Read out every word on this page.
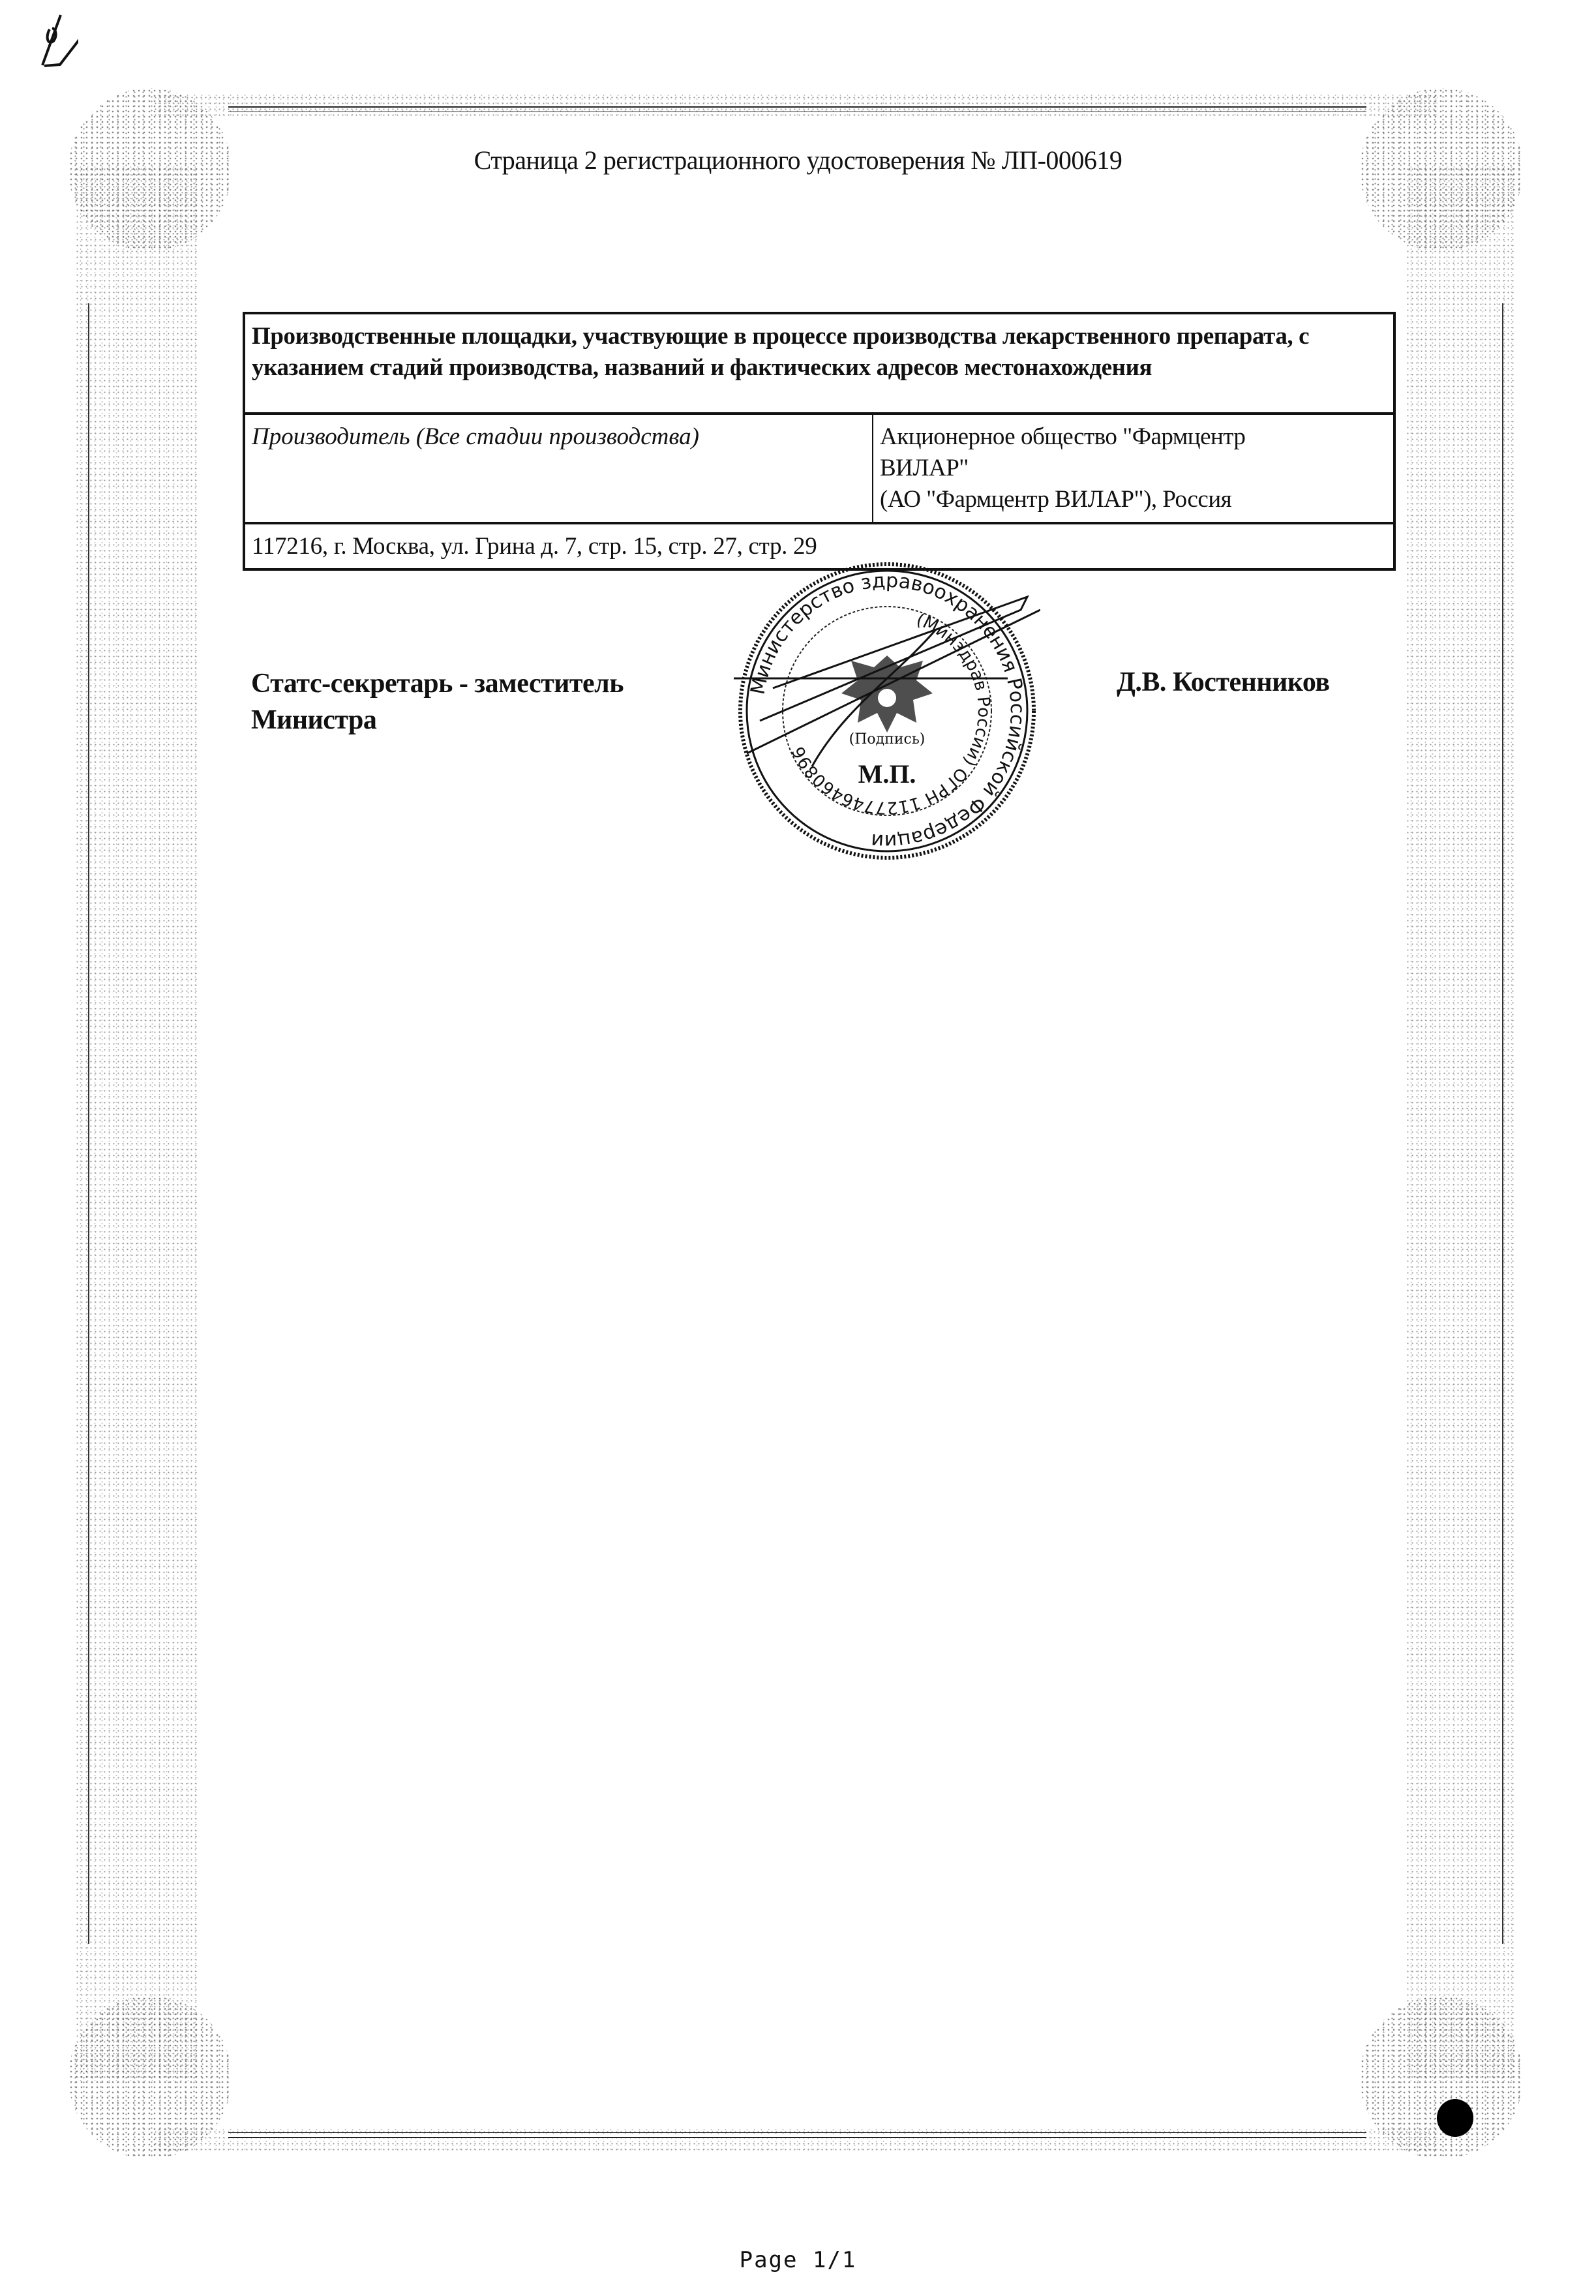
Страница 2 регистрационного удостоверения № ЛП-000619
Производственные площадки, участвующие в процессе производства лекарственного препарата, с указанием стадий производства, названий и фактических адресов местонахождения
Производитель (Все стадии производства)	Акционерное общество "Фармцентр
ВИЛАР"
(АО "Фармцентр ВИЛАР"), Россия
117216, г. Москва, ул. Грина д. 7, стр. 15, стр. 27, стр. 29
Статс-секретарь - заместитель
Министра
Д.В. Костенников
Министерство здравоохранения Российской Федерации
(Минздрав России) ОГРН 1127746460896
(Подпись)
М.П.
Page 1/1
